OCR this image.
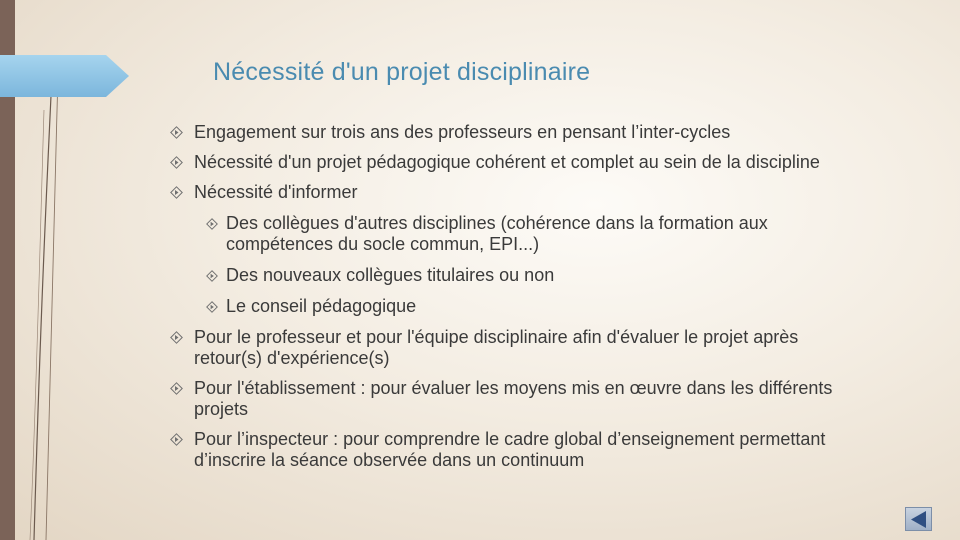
Nécessité d'un projet disciplinaire
Engagement sur trois ans des professeurs en pensant l’inter-cycles
Nécessité d'un projet pédagogique cohérent et complet au sein de la discipline
Nécessité d'informer
Des collègues d'autres disciplines (cohérence dans la formation aux compétences du socle commun, EPI...)
Des nouveaux collègues titulaires ou non
Le conseil pédagogique
Pour le professeur et pour l'équipe disciplinaire afin d'évaluer le projet après retour(s) d'expérience(s)
Pour l'établissement : pour évaluer les moyens mis en œuvre dans les différents projets
Pour l’inspecteur : pour comprendre le cadre global d’enseignement permettant d’inscrire la séance observée dans un continuum
